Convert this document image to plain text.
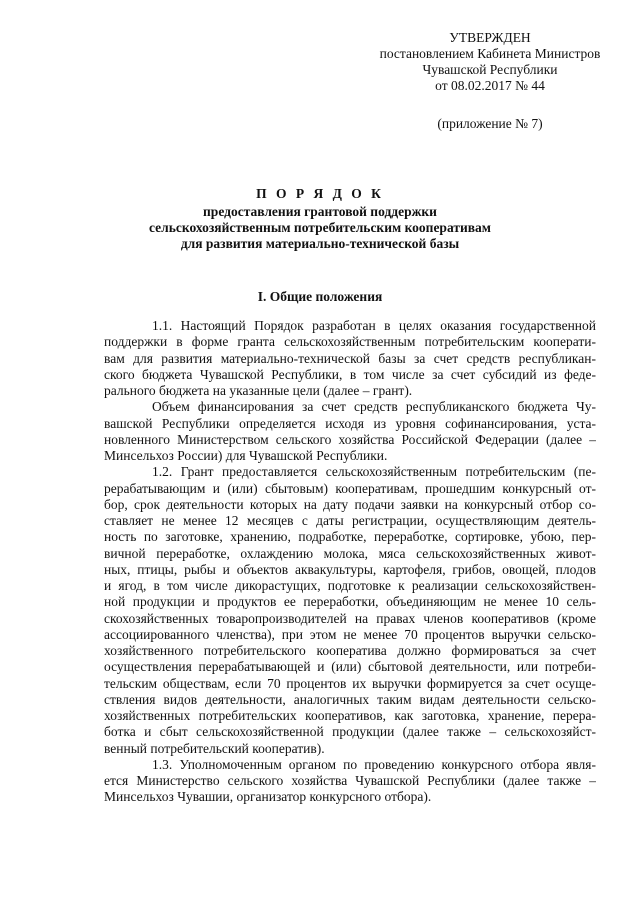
УТВЕРЖДЕН
постановлением Кабинета Министров
Чувашской Республики
от 08.02.2017 № 44
(приложение № 7)
П О Р Я Д О К
предоставления грантовой поддержки
сельскохозяйственным потребительским кооперативам
для развития материально-технической базы
I. Общие положения
1.1. Настоящий Порядок разработан в целях оказания государственной
поддержки в форме гранта сельскохозяйственным потребительским кооперати-
вам для развития материально-технической базы за счет средств республикан-
ского бюджета Чувашской Республики, в том числе за счет субсидий из феде-
рального бюджета на указанные цели (далее – грант).
Объем финансирования за счет средств республиканского бюджета Чу-
вашской Республики определяется исходя из уровня софинансирования, уста-
новленного Министерством сельского хозяйства Российской Федерации (далее –
Минсельхоз России) для Чувашской Республики.
1.2. Грант предоставляется сельскохозяйственным потребительским (пе-
рерабатывающим и (или) сбытовым) кооперативам, прошедшим конкурсный от-
бор, срок деятельности которых на дату подачи заявки на конкурсный отбор со-
ставляет не менее 12 месяцев с даты регистрации, осуществляющим деятель-
ность по заготовке, хранению, подработке, переработке, сортировке, убою, пер-
вичной переработке, охлаждению молока, мяса сельскохозяйственных живот-
ных, птицы, рыбы и объектов аквакультуры, картофеля, грибов, овощей, плодов
и ягод, в том числе дикорастущих, подготовке к реализации сельскохозяйствен-
ной продукции и продуктов ее переработки, объединяющим не менее 10 сель-
скохозяйственных товаропроизводителей на правах членов кооперативов (кроме
ассоциированного членства), при этом не менее 70 процентов выручки сельско-
хозяйственного потребительского кооператива должно формироваться за счет
осуществления перерабатывающей и (или) сбытовой деятельности, или потреби-
тельским обществам, если 70 процентов их выручки формируется за счет осуще-
ствления видов деятельности, аналогичных таким видам деятельности сельско-
хозяйственных потребительских кооперативов, как заготовка, хранение, перера-
ботка и сбыт сельскохозяйственной продукции (далее также – сельскохозяйст-
венный потребительский кооператив).
1.3. Уполномоченным органом по проведению конкурсного отбора явля-
ется Министерство сельского хозяйства Чувашской Республики (далее также –
Минсельхоз Чувашии, организатор конкурсного отбора).
